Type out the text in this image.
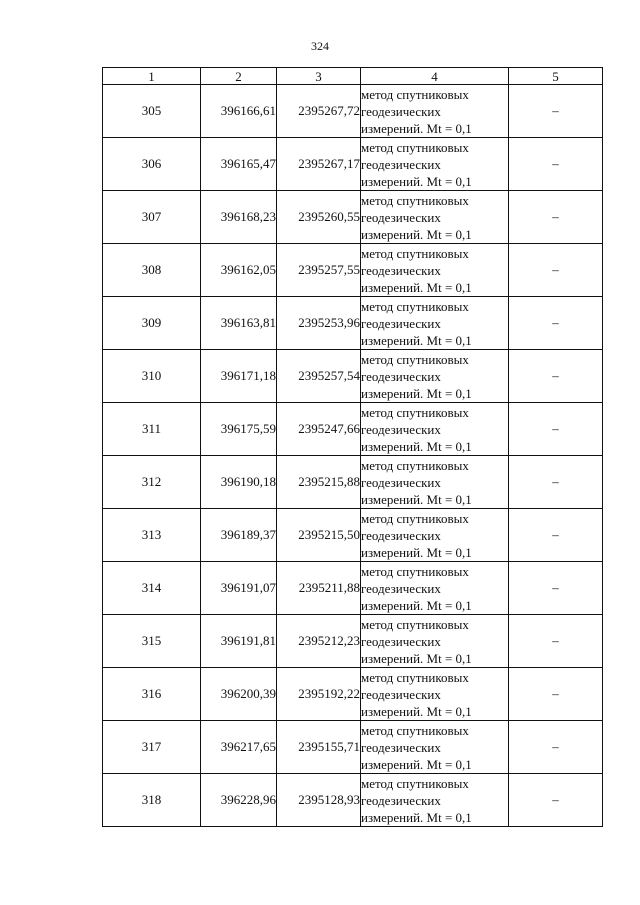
324
1	2	3	4	5
305	396166,61	2395267,72	метод спутниковых
геодезических
измерений. Mt = 0,1	–
306	396165,47	2395267,17	метод спутниковых
геодезических
измерений. Mt = 0,1	–
307	396168,23	2395260,55	метод спутниковых
геодезических
измерений. Mt = 0,1	–
308	396162,05	2395257,55	метод спутниковых
геодезических
измерений. Mt = 0,1	–
309	396163,81	2395253,96	метод спутниковых
геодезических
измерений. Mt = 0,1	–
310	396171,18	2395257,54	метод спутниковых
геодезических
измерений. Mt = 0,1	–
311	396175,59	2395247,66	метод спутниковых
геодезических
измерений. Mt = 0,1	–
312	396190,18	2395215,88	метод спутниковых
геодезических
измерений. Mt = 0,1	–
313	396189,37	2395215,50	метод спутниковых
геодезических
измерений. Mt = 0,1	–
314	396191,07	2395211,88	метод спутниковых
геодезических
измерений. Mt = 0,1	–
315	396191,81	2395212,23	метод спутниковых
геодезических
измерений. Mt = 0,1	–
316	396200,39	2395192,22	метод спутниковых
геодезических
измерений. Mt = 0,1	–
317	396217,65	2395155,71	метод спутниковых
геодезических
измерений. Mt = 0,1	–
318	396228,96	2395128,93	метод спутниковых
геодезических
измерений. Mt = 0,1	–
